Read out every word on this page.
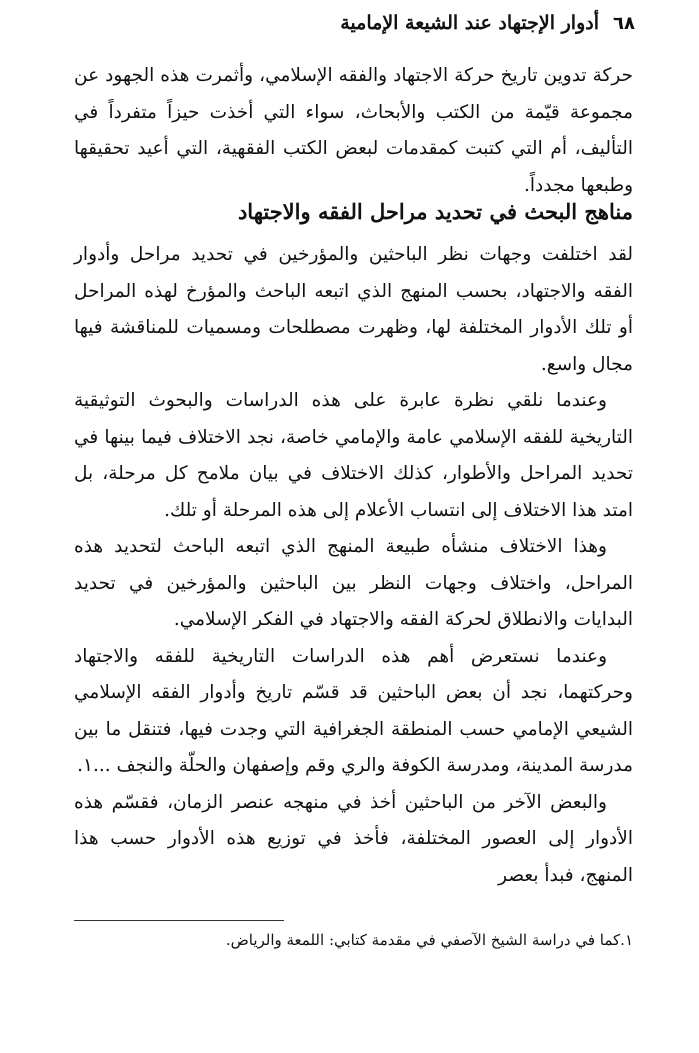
٦٨
أدوار الإجتهاد عند الشيعة الإمامية

حركة تدوين تاريخ حركة الاجتهاد والفقه الإسلامي، وأثمرت هذه الجهود عن مجموعة قيّمة من الكتب والأبحاث، سواء التي أخذت حيزاً متفرداً في التأليف، أم التي كتبت كمقدمات لبعض الكتب الفقهية، التي أعيد تحقيقها وطبعها مجدداً.

مناهج البحث في تحديد مراحل الفقه والاجتهاد

لقد اختلفت وجهات نظر الباحثين والمؤرخين في تحديد مراحل وأدوار الفقه والاجتهاد، بحسب المنهج الذي اتبعه الباحث والمؤرخ لهذه المراحل أو تلك الأدوار المختلفة لها، وظهرت مصطلحات ومسميات للمناقشة فيها مجال واسع.

وعندما نلقي نظرة عابرة على هذه الدراسات والبحوث التوثيقية التاريخية للفقه الإسلامي عامة والإمامي خاصة، نجد الاختلاف فيما بينها في تحديد المراحل والأطوار، كذلك الاختلاف في بيان ملامح كل مرحلة، بل امتد هذا الاختلاف إلى انتساب الأعلام إلى هذه المرحلة أو تلك.

وهذا الاختلاف منشأه طبيعة المنهج الذي اتبعه الباحث لتحديد هذه المراحل، واختلاف وجهات النظر بين الباحثين والمؤرخين في تحديد البدايات والانطلاق لحركة الفقه والاجتهاد في الفكر الإسلامي.

وعندما نستعرض أهم هذه الدراسات التاريخية للفقه والاجتهاد وحركتهما، نجد أن بعض الباحثين قد قسّم تاريخ وأدوار الفقه الإسلامي الشيعي الإمامي حسب المنطقة الجغرافية التي وجدت فيها، فتنقل ما بين مدرسة المدينة، ومدرسة الكوفة والري وقم وإصفهان والحلّة والنجف ...١.

والبعض الآخر من الباحثين أخذ في منهجه عنصر الزمان، فقسّم هذه الأدوار إلى العصور المختلفة، فأخذ في توزيع هذه الأدوار حسب هذا المنهج، فبدأ بعصر

١.كما في دراسة الشيخ الآصفي في مقدمة كتابي: اللمعة والرياض.
